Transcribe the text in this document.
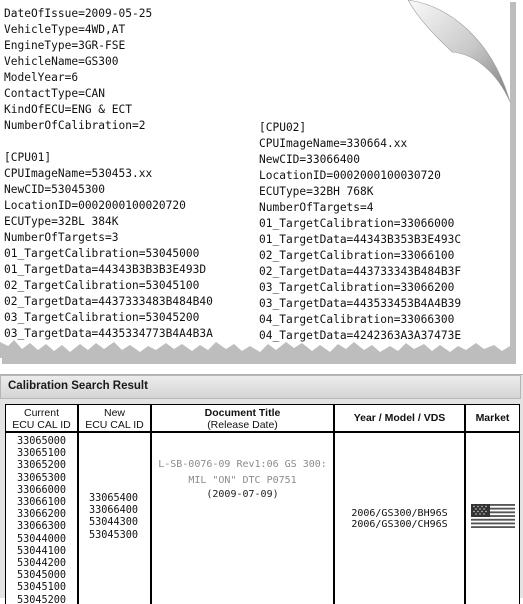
DateOfIssue=2009-05-25
VehicleType=4WD,AT
EngineType=3GR-FSE
VehicleName=GS300
ModelYear=6
ContactType=CAN
KindOfECU=ENG & ECT
NumberOfCalibration=2
[CPU01]
CPUImageName=530453.xx
NewCID=53045300
LocationID=0002000100020720
ECUType=32BL 384K
NumberOfTargets=3
01_TargetCalibration=53045000
01_TargetData=44343B3B3B3E493D
02_TargetCalibration=53045100
02_TargetData=4437333483B484B40
03_TargetCalibration=53045200
03_TargetData=4435334773B4A4B3A
[CPU02]
CPUImageName=330664.xx
NewCID=33066400
LocationID=0002000100030720
ECUType=32BH 768K
NumberOfTargets=4
01_TargetCalibration=33066000
01_TargetData=44343B353B3E493C
02_TargetCalibration=33066100
02_TargetData=443733343B484B3F
03_TargetCalibration=33066200
03_TargetData=443533453B4A4B39
04_TargetCalibration=33066300
04_TargetData=4242363A3A37473E
Calibration Search Result
Current
ECU CAL ID
New
ECU CAL ID
Document Title
(Release Date)
Year / Model / VDS	Market
33065000
33065100
33065200
33065300
33066000
33066100
33066200
33066300
53044000
53044100
53044200
53045000
53045100
53045200
33065400
33066400
53044300
53045300
L-SB-0076-09 Rev1:06 GS 300:
MIL "ON" DTC P0751
(2009-07-09)
2006/GS300/BH96S
2006/GS300/CH96S
